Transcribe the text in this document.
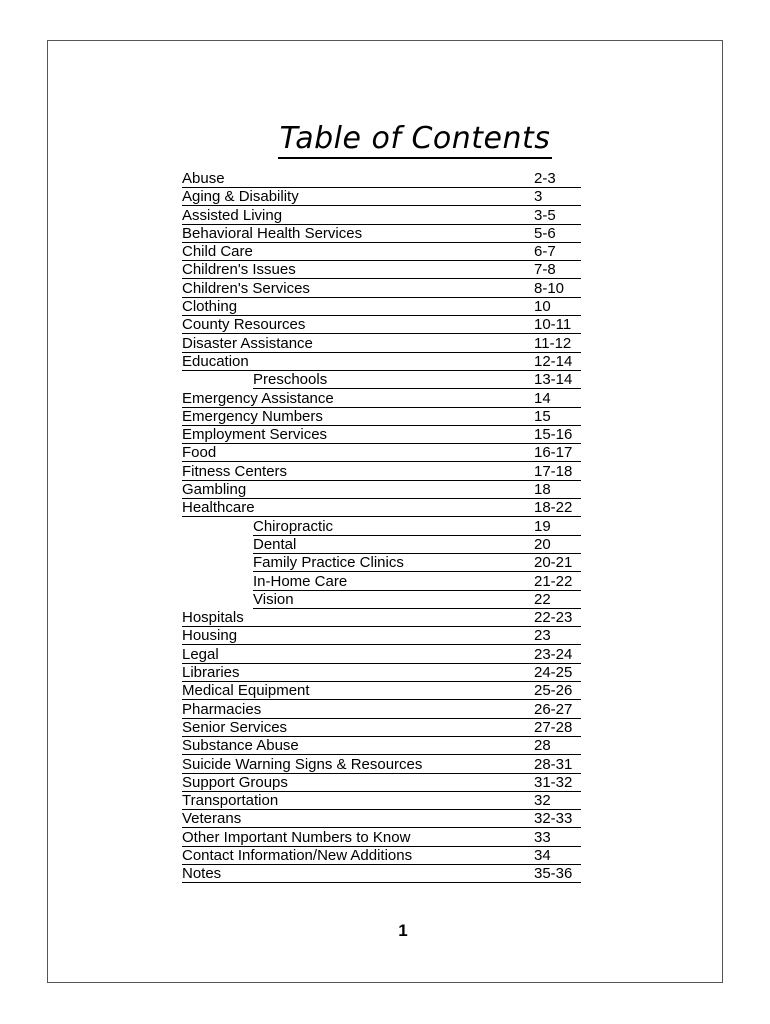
Table of Contents
Abuse	2-3
Aging & Disability	3
Assisted Living	3-5
Behavioral Health Services	5-6
Child Care	6-7
Children's Issues	7-8
Children's Services	8-10
Clothing	10
County Resources	10-11
Disaster Assistance	11-12
Education	12-14
Preschools	13-14
Emergency Assistance	14
Emergency Numbers	15
Employment Services	15-16
Food	16-17
Fitness Centers	17-18
Gambling	18
Healthcare	18-22
Chiropractic	19
Dental	20
Family Practice Clinics	20-21
In-Home Care	21-22
Vision	22
Hospitals	22-23
Housing	23
Legal	23-24
Libraries	24-25
Medical Equipment	25-26
Pharmacies	26-27
Senior Services	27-28
Substance Abuse	28
Suicide Warning Signs & Resources	28-31
Support Groups	31-32
Transportation	32
Veterans	32-33
Other Important Numbers to Know	33
Contact Information/New Additions	34
Notes	35-36
1
